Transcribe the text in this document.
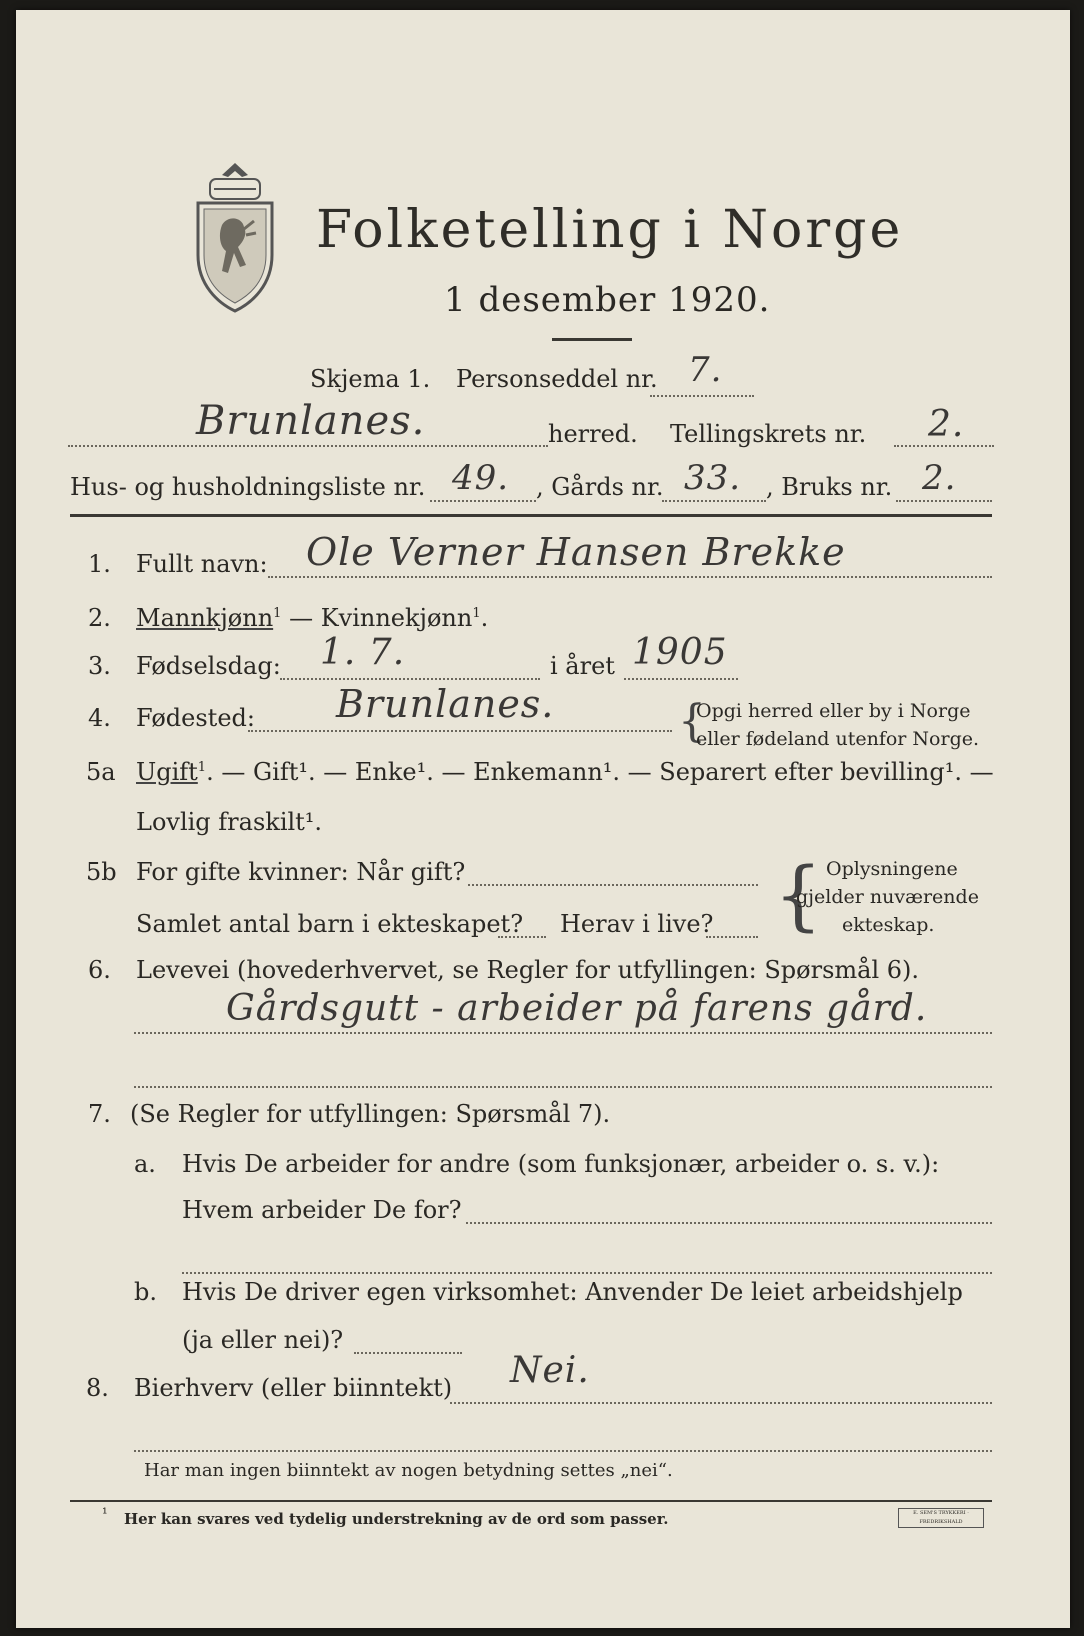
Folketelling i Norge
1 desember 1920.
Skjema 1. Personseddel nr. 7.
Brunlanes.	herred. Tellingskrets nr. 2.
Hus- og husholdningsliste nr. 49. , Gårds nr. 33. , Bruks nr. 2.
1. Fullt navn: Ole Verner Hansen Brekke
2. Mannkjønn$^1$ — Kvinnekjønn$^1$.
3. Fødselsdag: 1. 7.	i året 1905
4. Fødested: Brunlanes.	{
Opgi herred eller by i Norge
eller fødeland utenfor Norge.
5a Ugift$^1$. — Gift¹. — Enke¹. — Enkemann¹. — Separert efter bevilling¹. —
Lovlig fraskilt¹.
5b For gifte kvinner: Når gift?
Samlet antal barn i ekteskapet? Herav i live? { Oplysningene
gjelder nuværende
ekteskap.
6. Levevei (hovederhvervet, se Regler for utfyllingen: Spørsmål 6).
Gårdsgutt - arbeider på farens gård.
7. (Se Regler for utfyllingen: Spørsmål 7).
a. Hvis De arbeider for andre (som funksjonær, arbeider o. s. v.):
Hvem arbeider De for?
b. Hvis De driver egen virksomhet: Anvender De leiet arbeidshjelp
(ja eller nei)?
8. Bierhverv (eller biinntekt) Nei.
Har man ingen biinntekt av nogen betydning settes „nei“.
¹ Her kan svares ved tydelig understrekning av de ord som passer.	E. SEM'S TRYKKERI · FREDRIKSHALD
